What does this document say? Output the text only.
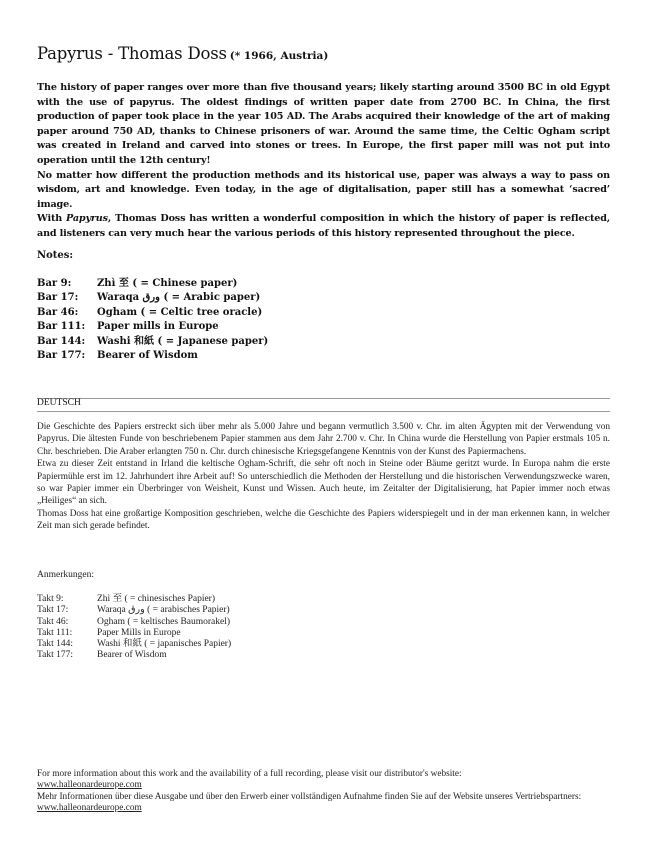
Papyrus - Thomas Doss (* 1966, Austria)

The history of paper ranges over more than five thousand years; likely starting around 3500 BC in old Egypt with the use of papyrus. The oldest findings of written paper date from 2700 BC. In China, the first production of paper took place in the year 105 AD. The Arabs acquired their knowledge of the art of making paper around 750 AD, thanks to Chinese prisoners of war. Around the same time, the Celtic Ogham script was created in Ireland and carved into stones or trees. In Europe, the first paper mill was not put into operation until the 12th century!

No matter how different the production methods and its historical use, paper was always a way to pass on wisdom, art and knowledge. Even today, in the age of digitalisation, paper still has a somewhat ‘sacred’ image.

With Papyrus, Thomas Doss has written a wonderful composition in which the history of paper is reflected, and listeners can very much hear the various periods of this history represented throughout the piece.

Notes:
Bar 9:	Zhì 至 ( = Chinese paper)
Bar 17:	Waraqa ورق ( = Arabic paper)
Bar 46:	Ogham ( = Celtic tree oracle)
Bar 111:	Paper mills in Europe
Bar 144:	Washi 和紙 ( = Japanese paper)
Bar 177:	Bearer of Wisdom
DEUTSCH

Die Geschichte des Papiers erstreckt sich über mehr als 5.000 Jahre und begann vermutlich 3.500 v. Chr. im alten Ägypten mit der Verwendung von Papyrus. Die ältesten Funde von beschriebenem Papier stammen aus dem Jahr 2.700 v. Chr. In China wurde die Herstellung von Papier erstmals 105 n. Chr. beschrieben. Die Araber erlangten 750 n. Chr. durch chinesische Kriegsgefangene Kenntnis von der Kunst des Papiermachens.

Etwa zu dieser Zeit entstand in Irland die keltische Ogham-Schrift, die sehr oft noch in Steine oder Bäume geritzt wurde. In Europa nahm die erste Papiermühle erst im 12. Jahrhundert ihre Arbeit auf! So unterschiedlich die Methoden der Herstellung und die historischen Verwendungszwecke waren, so war Papier immer ein Überbringer von Weisheit, Kunst und Wissen. Auch heute, im Zeitalter der Digitalisierung, hat Papier immer noch etwas „Heiliges“ an sich.

Thomas Doss hat eine großartige Komposition geschrieben, welche die Geschichte des Papiers widerspiegelt und in der man erkennen kann, in welcher Zeit man sich gerade befindet.

Anmerkungen:
Takt 9:	Zhì 至 ( = chinesisches Papier)
Takt 17:	Waraqa ورق ( = arabisches Papier)
Takt 46:	Ogham ( = keltisches Baumorakel)
Takt 111:	Paper Mills in Europe
Takt 144:	Washi 和紙 ( = japanisches Papier)
Takt 177:	Bearer of Wisdom

For more information about this work and the availability of a full recording, please visit our distributor's website:

www.halleonardeurope.com

Mehr Informationen über diese Ausgabe und über den Erwerb einer vollständigen Aufnahme finden Sie auf der Website unseres Vertriebspartners: www.halleonardeurope.com
